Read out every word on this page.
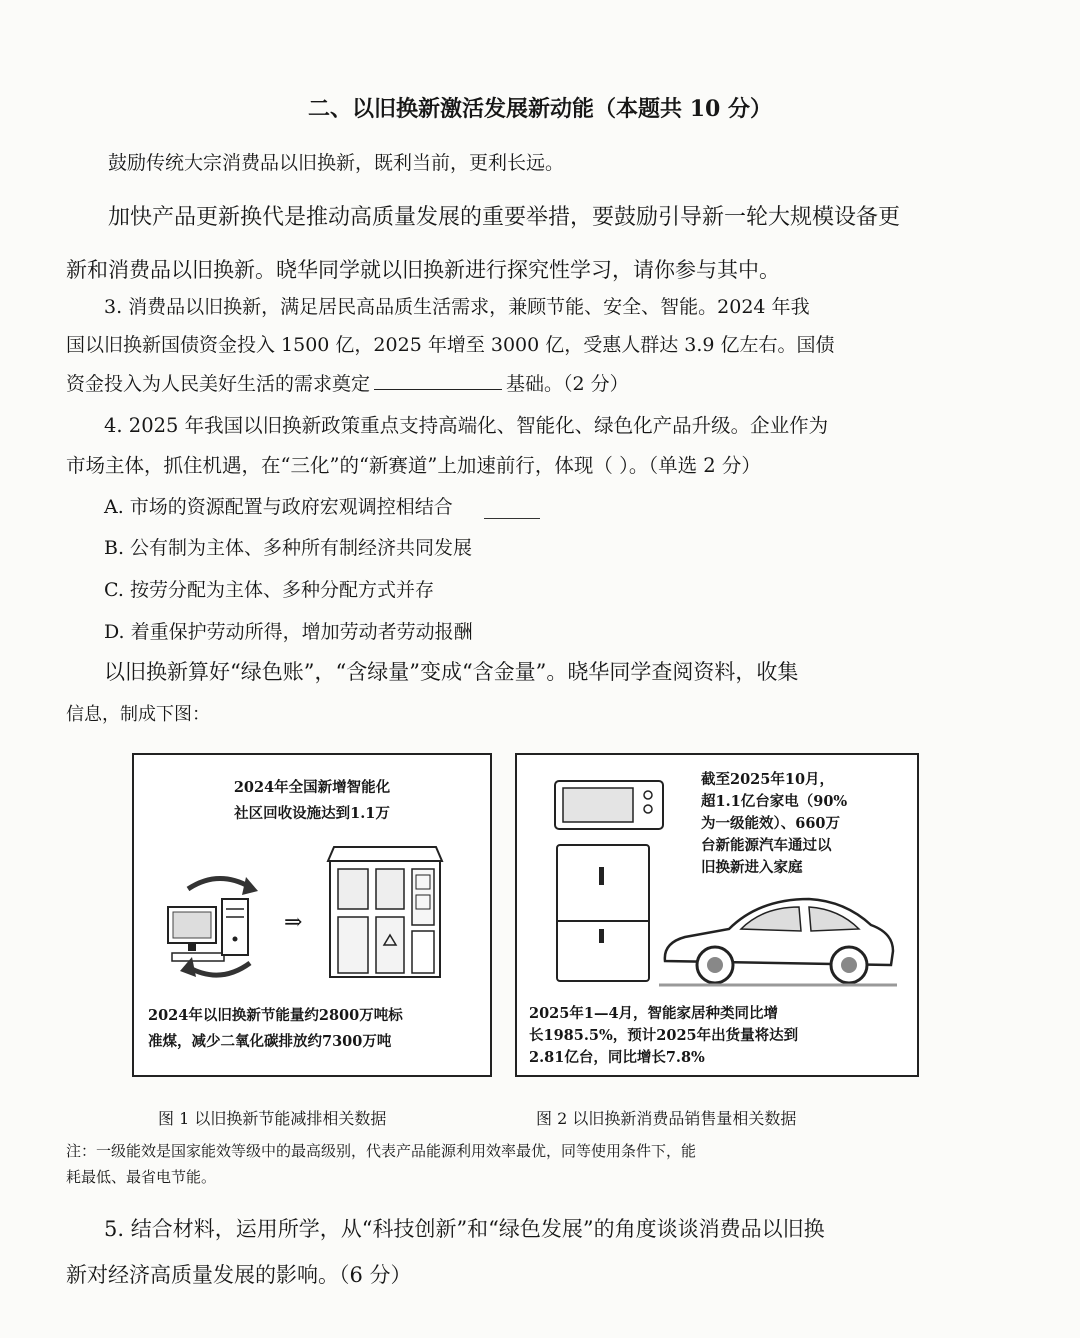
二、以旧换新激活发展新动能（本题共 10 分）

鼓励传统大宗消费品以旧换新，既利当前，更利长远。

加快产品更新换代是推动高质量发展的重要举措，要鼓励引导新一轮大规模设备更

新和消费品以旧换新。晓华同学就以旧换新进行探究性学习，请你参与其中。

3. 消费品以旧换新，满足居民高品质生活需求，兼顾节能、安全、智能。2024 年我

国以旧换新国债资金投入 1500 亿，2025 年增至 3000 亿，受惠人群达 3.9 亿左右。国债

资金投入为人民美好生活的需求奠定	基础。（2 分）

4. 2025 年我国以旧换新政策重点支持高端化、智能化、绿色化产品升级。企业作为

市场主体，抓住机遇，在“三化”的“新赛道”上加速前行，体现（ ）。（单选 2 分）

A. 市场的资源配置与政府宏观调控相结合

B. 公有制为主体、多种所有制经济共同发展

C. 按劳分配为主体、多种分配方式并存

D. 着重保护劳动所得，增加劳动者劳动报酬

以旧换新算好“绿色账”，“含绿量”变成“含金量”。晓华同学查阅资料，收集

信息，制成下图：

2024年全国新增智能化
社区回收设施达到1.1万
⇒
2024年以旧换新节能量约2800万吨标
准煤，减少二氧化碳排放约7300万吨
截至2025年10月，
超1.1亿台家电（90%
为一级能效）、660万
台新能源汽车通过以
旧换新进入家庭
2025年1—4月，智能家居种类同比增
长1985.5%，预计2025年出货量将达到
2.81亿台，同比增长7.8%

图 1 以旧换新节能减排相关数据	图 2 以旧换新消费品销售量相关数据

注：一级能效是国家能效等级中的最高级别，代表产品能源利用效率最优，同等使用条件下，能

耗最低、最省电节能。

5. 结合材料，运用所学，从“科技创新”和“绿色发展”的角度谈谈消费品以旧换

新对经济高质量发展的影响。（6 分）
